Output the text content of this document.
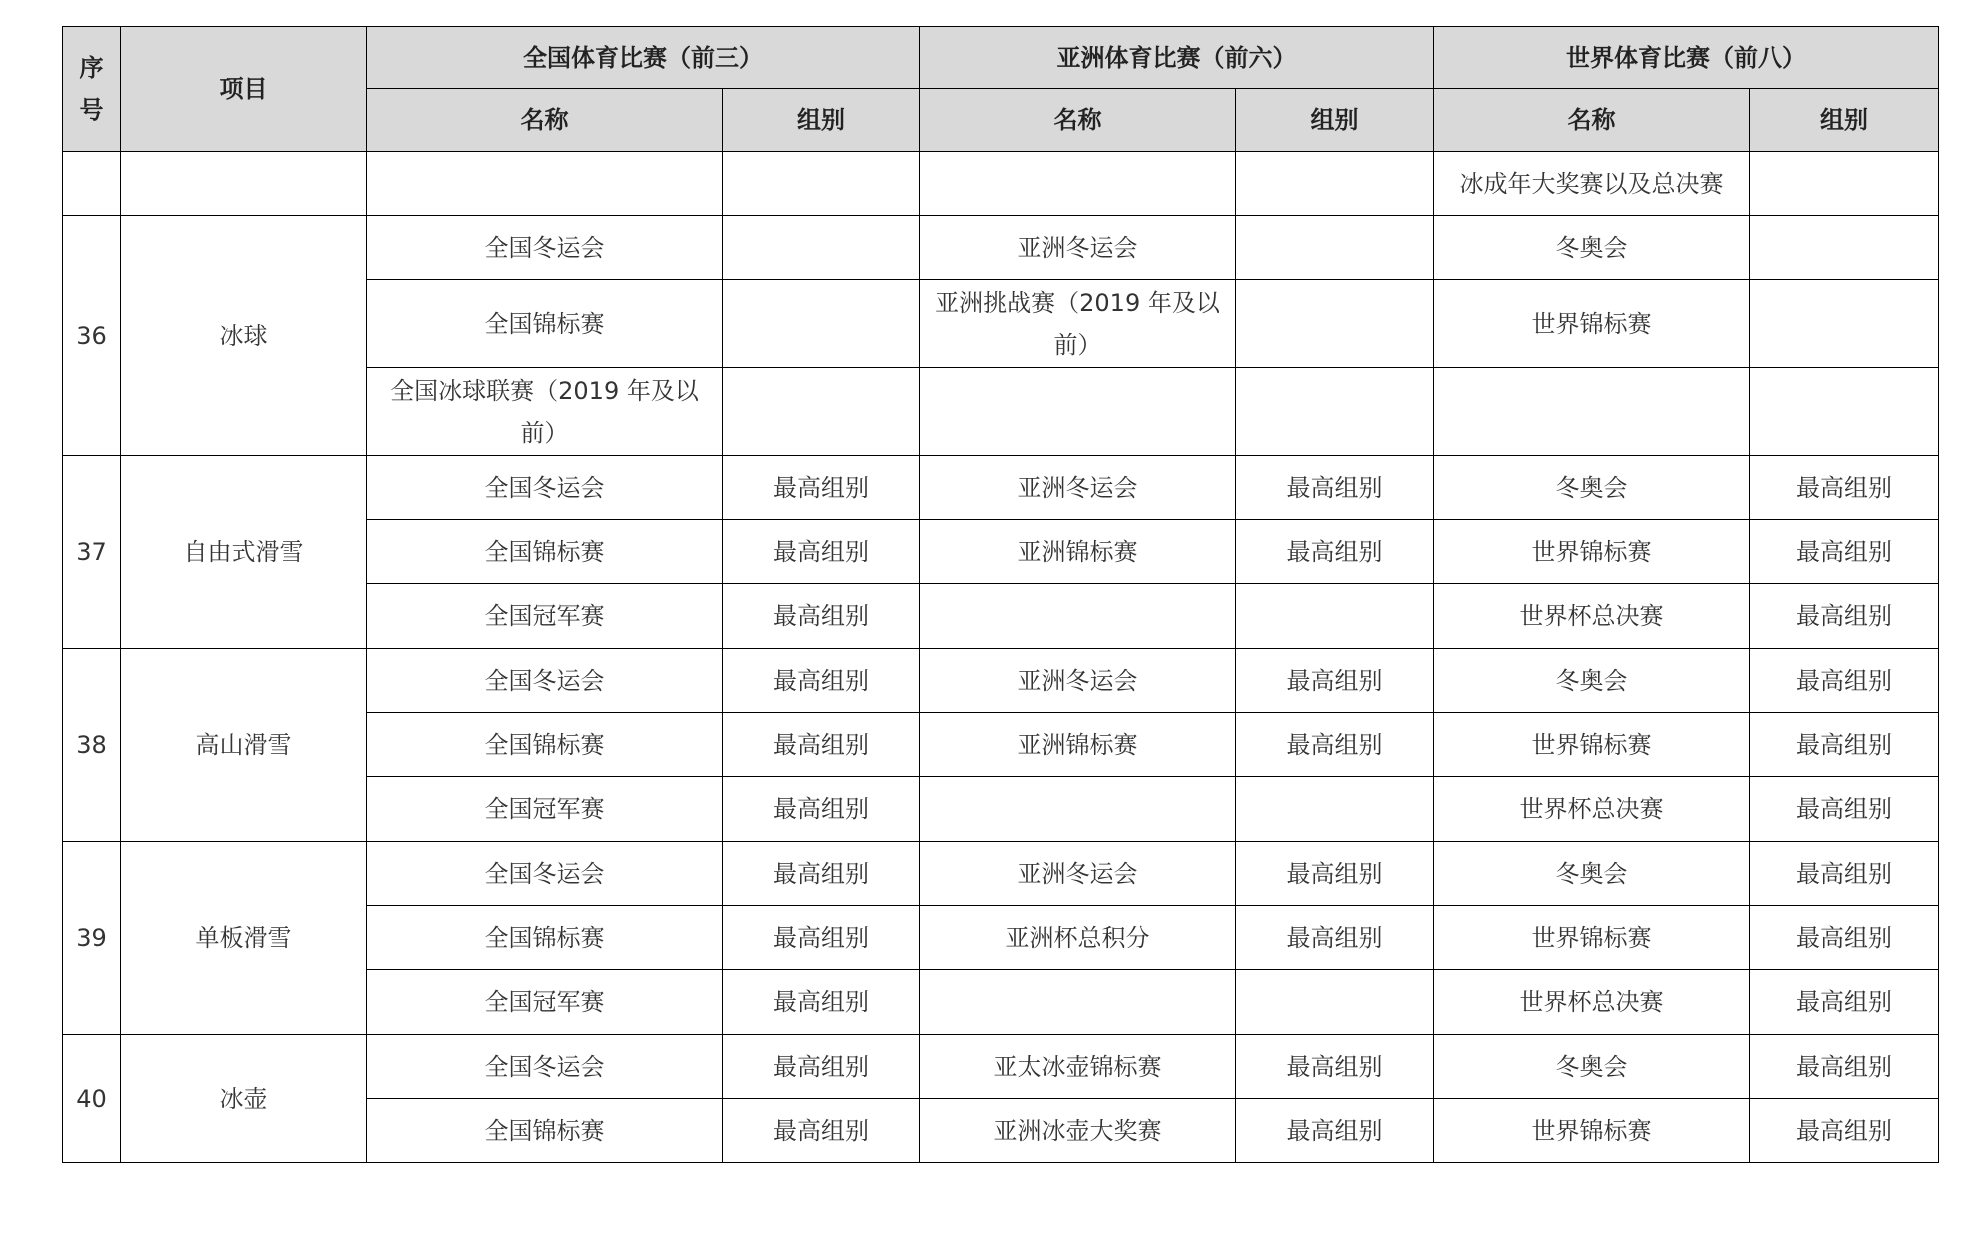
序号	项目	全国体育比赛（前三）		亚洲体育比赛（前六）		世界体育比赛（前八）	
		名称	组别	名称	组别	名称	组别
						冰成年大奖赛以及总决赛	
36	冰球	全国冬运会		亚洲冬运会		冬奥会	
		全国锦标赛		亚洲挑战赛（2019 年及以前）		世界锦标赛	
		全国冰球联赛（2019 年及以前）					
37	自由式滑雪	全国冬运会	最高组别	亚洲冬运会	最高组别	冬奥会	最高组别
		全国锦标赛	最高组别	亚洲锦标赛	最高组别	世界锦标赛	最高组别
		全国冠军赛	最高组别			世界杯总决赛	最高组别
38	高山滑雪	全国冬运会	最高组别	亚洲冬运会	最高组别	冬奥会	最高组别
		全国锦标赛	最高组别	亚洲锦标赛	最高组别	世界锦标赛	最高组别
		全国冠军赛	最高组别			世界杯总决赛	最高组别
39	单板滑雪	全国冬运会	最高组别	亚洲冬运会	最高组别	冬奥会	最高组别
		全国锦标赛	最高组别	亚洲杯总积分	最高组别	世界锦标赛	最高组别
		全国冠军赛	最高组别			世界杯总决赛	最高组别
40	冰壶	全国冬运会	最高组别	亚太冰壶锦标赛	最高组别	冬奥会	最高组别
		全国锦标赛	最高组别	亚洲冰壶大奖赛	最高组别	世界锦标赛	最高组别
